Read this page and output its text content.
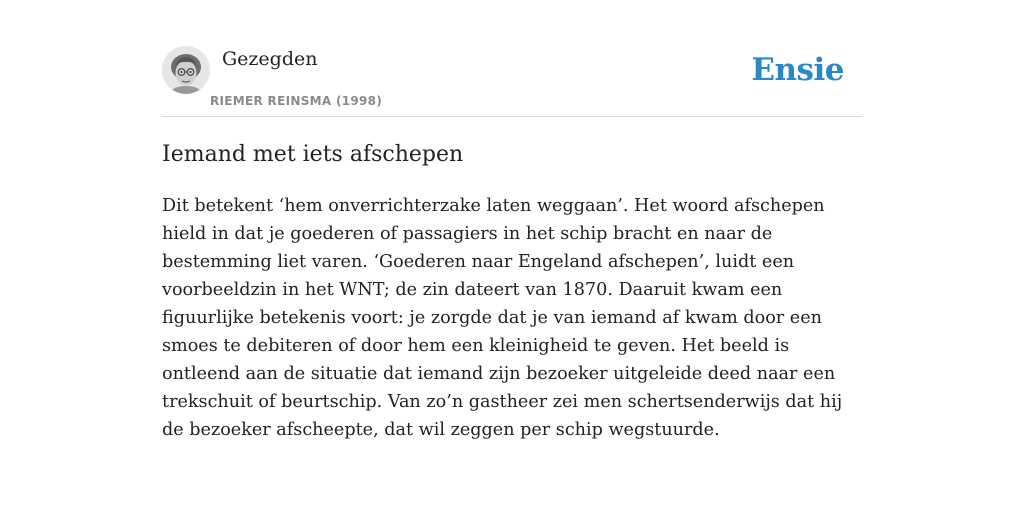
Gezegden
RIEMER REINSMA (1998)
Ensie
Iemand met iets afschepen

Dit betekent ‘hem onverrichterzake laten weggaan’. Het woord afschepen hield in dat je goederen of passagiers in het schip bracht en naar de bestemming liet varen. ‘Goederen naar Engeland afschepen’, luidt een voorbeeldzin in het WNT; de zin dateert van 1870. Daaruit kwam een figuurlijke betekenis voort: je zorgde dat je van iemand af kwam door een smoes te debiteren of door hem een kleinigheid te geven. Het beeld is ontleend aan de situatie dat iemand zijn bezoeker uitgeleide deed naar een trekschuit of beurtschip. Van zo’n gastheer zei men schertsenderwijs dat hij de bezoeker afscheepte, dat wil zeggen per schip wegstuurde.
